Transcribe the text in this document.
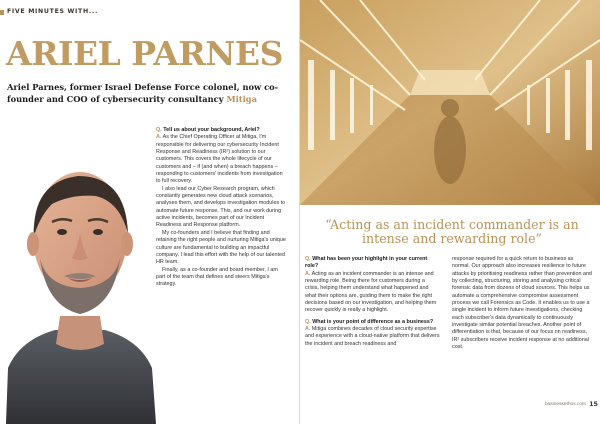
FIVE MINUTES WITH...
ARIEL PARNES
Ariel Parnes, former Israel Defense Force colonel, now co-founder and COO of cybersecurity consultancy Mitiga

Q. Tell us about your background, Ariel?

A. As the Chief Operating Officer at Mitiga, I'm responsible for delivering our cybersecurity Incident Response and Readiness (IR²) solution to our customers. This covers the whole lifecycle of our customers and – if (and when) a breach happens – responding to customers' incidents from investigation to full recovery.

I also lead our Cyber Research program, which constantly generates new cloud attack scenarios, analyses them, and develops investigation modules to automate future response. This, and our work during active incidents, becomes part of our Incident Readiness and Response platform.

My co-founders and I believe that finding and retaining the right people and nurturing Mitiga's unique culture are fundamental to building an impactful company. I lead this effort with the help of our talented HR team.

Finally, as a co-founder and board member, I am part of the team that defines and steers Mitiga's strategy.

“Acting as an incident commander is an intense and rewarding role”

Q. What has been your highlight in your current role?

A. Acting as an incident commander is an intense and rewarding role. Being there for customers during a crisis, helping them understand what happened and what their options are, guiding them to make the right decisions based on our investigation, and helping them recover quickly is really a highlight.

Q. What is your point of difference as a business?

A. Mitiga combines decades of cloud security expertise and experience with a cloud-native platform that delivers the incident and breach readiness and

response required for a quick return to business as normal. Our approach also increases resilience to future attacks by prioritising readiness rather than prevention and by collecting, structuring, storing and analysing critical forensic data from dozens of cloud sources. This helps us automate a comprehensive compromise assessment process we call Forensics as Code. It enables us to use a single incident to inform future investigations, checking each subscriber's data dynamically to continuously investigate similar potential breaches. Another point of differentiation is that, because of our focus on readiness, IR² subscribers receive incident response at no additional cost.

businessethos.com 15
